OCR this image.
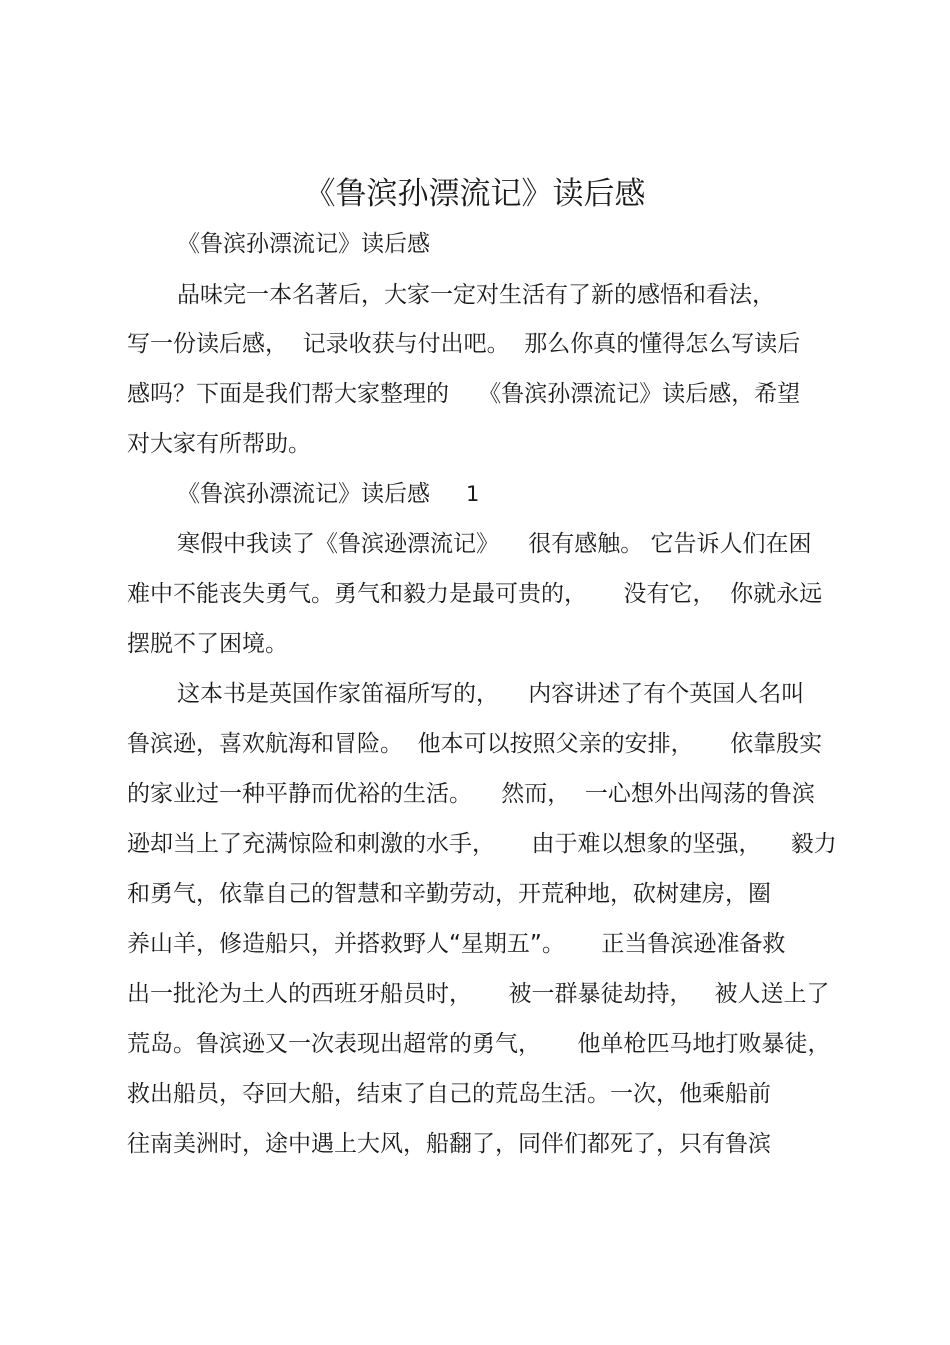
《鲁滨孙漂流记》读后感
《鲁滨孙漂流记》读后感
品味完一本名著后，大家一定对生活有了新的感悟和看法，
写一份读后感，  记录收获与付出吧。  那么你真的懂得怎么写读后
感吗？下面是我们帮大家整理的    《鲁滨孙漂流记》读后感，希望
对大家有所帮助。
《鲁滨孙漂流记》读后感 1
寒假中我读了《鲁滨逊漂流记》    很有感触。 它告诉人们在困
难中不能丧失勇气。勇气和毅力是最可贵的，     没有它，  你就永远
摆脱不了困境。
这本书是英国作家笛福所写的，    内容讲述了有个英国人名叫
鲁滨逊，喜欢航海和冒险。  他本可以按照父亲的安排，     依靠殷实
的家业过一种平静而优裕的生活。    然而，  一心想外出闯荡的鲁滨
逊却当上了充满惊险和刺激的水手，     由于难以想象的坚强，    毅力
和勇气，依靠自己的智慧和辛勤劳动，开荒种地，砍树建房，圈
养山羊，修造船只，并搭救野人“星期五”。     正当鲁滨逊准备救
出一批沦为土人的西班牙船员时，     被一群暴徒劫持，   被人送上了
荒岛。鲁滨逊又一次表现出超常的勇气，     他单枪匹马地打败暴徒，
救出船员，夺回大船，结束了自己的荒岛生活。一次，他乘船前
往南美洲时，途中遇上大风，船翻了，同伴们都死了，只有鲁滨
